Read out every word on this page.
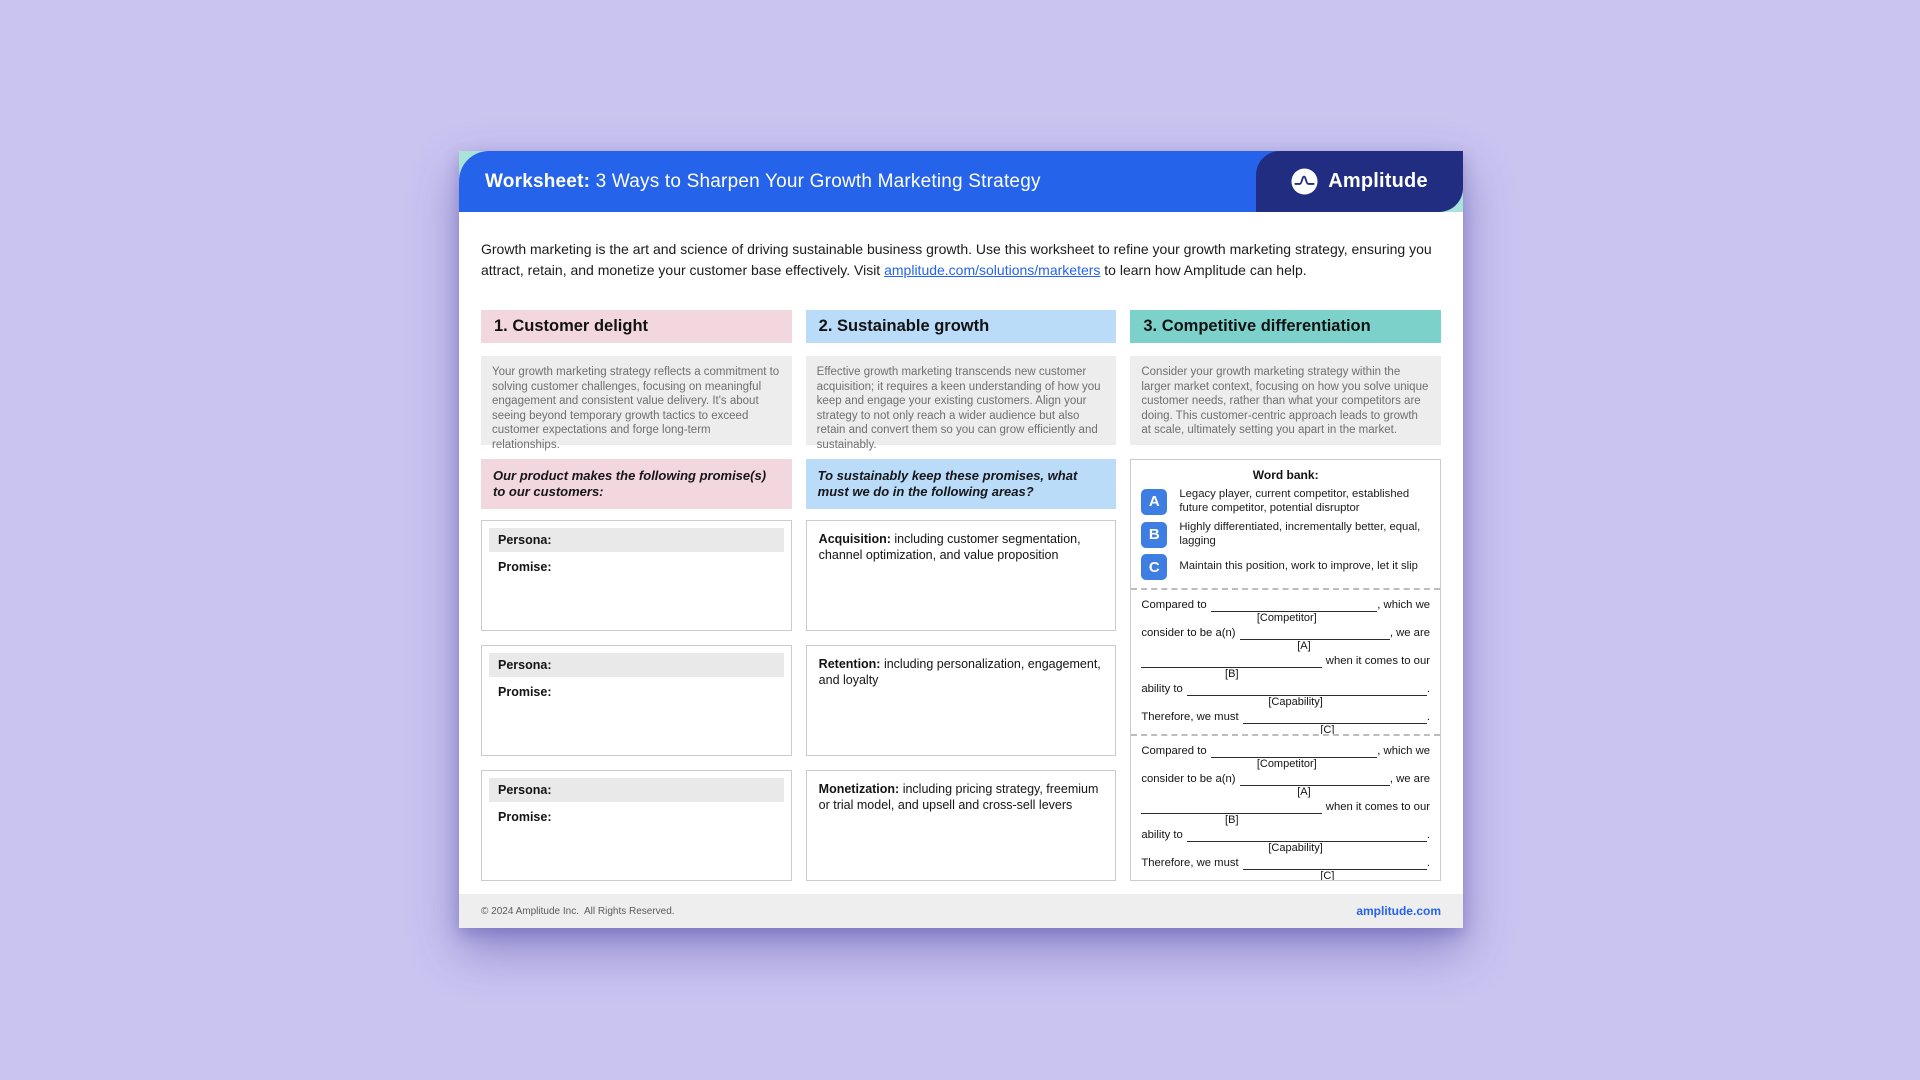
Worksheet: 3 Ways to Sharpen Your Growth Marketing Strategy	Amplitude
Growth marketing is the art and science of driving sustainable business growth. Use this worksheet to refine your growth marketing strategy, ensuring you attract, retain, and monetize your customer base effectively. Visit amplitude.com/solutions/marketers to learn how Amplitude can help.
1. Customer delight
Your growth marketing strategy reflects a commitment to solving customer challenges, focusing on meaningful engagement and consistent value delivery. It's about seeing beyond temporary growth tactics to exceed customer expectations and forge long-term relationships.
Our product makes the following promise(s) to our customers:
Persona:
Promise:
Persona:
Promise:
Persona:
Promise:
2. Sustainable growth
Effective growth marketing transcends new customer acquisition; it requires a keen understanding of how you keep and engage your existing customers. Align your strategy to not only reach a wider audience but also retain and convert them so you can grow efficiently and sustainably.
To sustainably keep these promises, what must we do in the following areas?
Acquisition: including customer segmentation, channel optimization, and value proposition
Retention: including personalization, engagement, and loyalty
Monetization: including pricing strategy, freemium or trial model, and upsell and cross-sell levers
3. Competitive differentiation
Consider your growth marketing strategy within the larger market context, focusing on how you solve unique customer needs, rather than what your competitors are doing. This customer-centric approach leads to growth at scale, ultimately setting you apart in the market.
Word bank:
A	Legacy player, current competitor, established future competitor, potential disruptor
B	Highly differentiated, incrementally better, equal, lagging
C	Maintain this position, work to improve, let it slip
Compared to	, which we
[Competitor]
consider to be a(n)	, we are
[A]
when it comes to our
[B]
ability to	.
[Capability]
Therefore, we must	.
[C]
Compared to	, which we
[Competitor]
consider to be a(n)	, we are
[A]
when it comes to our
[B]
ability to	.
[Capability]
Therefore, we must	.
[C]
© 2024 Amplitude Inc.  All Rights Reserved.	amplitude.com
